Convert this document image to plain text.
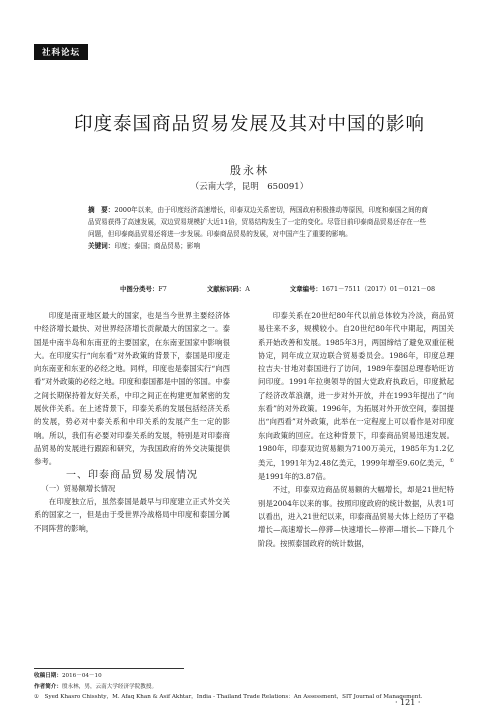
社科论坛
印度泰国商品贸易发展及其对中国的影响
殷永林
（云南大学，昆明　650091）
摘　要：2000年以来，由于印度经济高速增长，印泰双边关系密切，两国政府积极推动等原因，印度和泰国之间的商品贸易获得了高速发展，双边贸易规模扩大近11倍，贸易结构发生了一定的变化。尽管目前印泰商品贸易还存在一些问题，但印泰商品贸易还将进一步发展。印泰商品贸易的发展，对中国产生了重要的影响。
关键词：印度；泰国；商品贸易；影响
中图分类号：F7	文献标识码：A	文章编号：1671－7511（2017）01－0121－08

印度是南亚地区最大的国家，也是当今世界主要经济体中经济增长最快、对世界经济增长贡献最大的国家之一。泰国是中南半岛和东南亚的主要国家，在东南亚国家中影响很大。在印度实行“向东看”对外政策的背景下，泰国是印度走向东南亚和东亚的必经之地。同样，印度也是泰国实行“向西看”对外政策的必经之地。印度和泰国都是中国的邻国。中泰之间长期保持着友好关系，中印之间正在构建更加紧密的发展伙伴关系。在上述背景下，印泰关系的发展包括经济关系的发展，势必对中泰关系和中印关系的发展产生一定的影响。所以，我们有必要对印泰关系的发展，特别是对印泰商品贸易的发展进行跟踪和研究，为我国政府的外交决策提供参考。

一、印泰商品贸易发展情况

（一）贸易额增长情况

在印度独立后，虽然泰国是最早与印度建立正式外交关系的国家之一，但是由于受世界冷战格局中印度和泰国分属不同阵营的影响，

印泰关系在20世纪80年代以前总体较为冷淡，商品贸易往来不多，规模较小。自20世纪80年代中期起，两国关系开始改善和发展。1985年3月，两国缔结了避免双重征税协定，同年成立双边联合贸易委员会。1986年，印度总理拉吉夫·甘地对泰国进行了访问，1989年泰国总理春哈旺访问印度。1991年拉奥领导的国大党政府执政后，印度掀起了经济改革浪潮，进一步对外开放，并在1993年提出了“向东看”的对外政策。1996年，为拓展对外开放空间，泰国提出“向西看”对外政策，此举在一定程度上可以看作是对印度东向政策的回应。在这种背景下，印泰商品贸易迅速发展。1980年，印泰双边贸易额为7100万美元，1985年为1.2亿美元，1991年为2.48亿美元，1999年增至9.60亿美元，①是1991年的3.87倍。

不过，印泰双边商品贸易额的大幅增长，却是21世纪特别是2004年以来的事。按照印度政府的统计数据，从表1可以看出，进入21世纪以来，印泰商品贸易大体上经历了平稳增长—高速增长—停滞—快速增长—停滞—增长—下降几个阶段。按照泰国政府的统计数据，

收稿日期：2016－04－10
作者简介：殷永林，男，云南大学经济学院教授。
①　Syed Khasro Chisshty，M. Afaq Khan & Asif Akhtar，India - Thailand Trade Relations：An Assessment，SIT Journal of Management.
· 121 ·
